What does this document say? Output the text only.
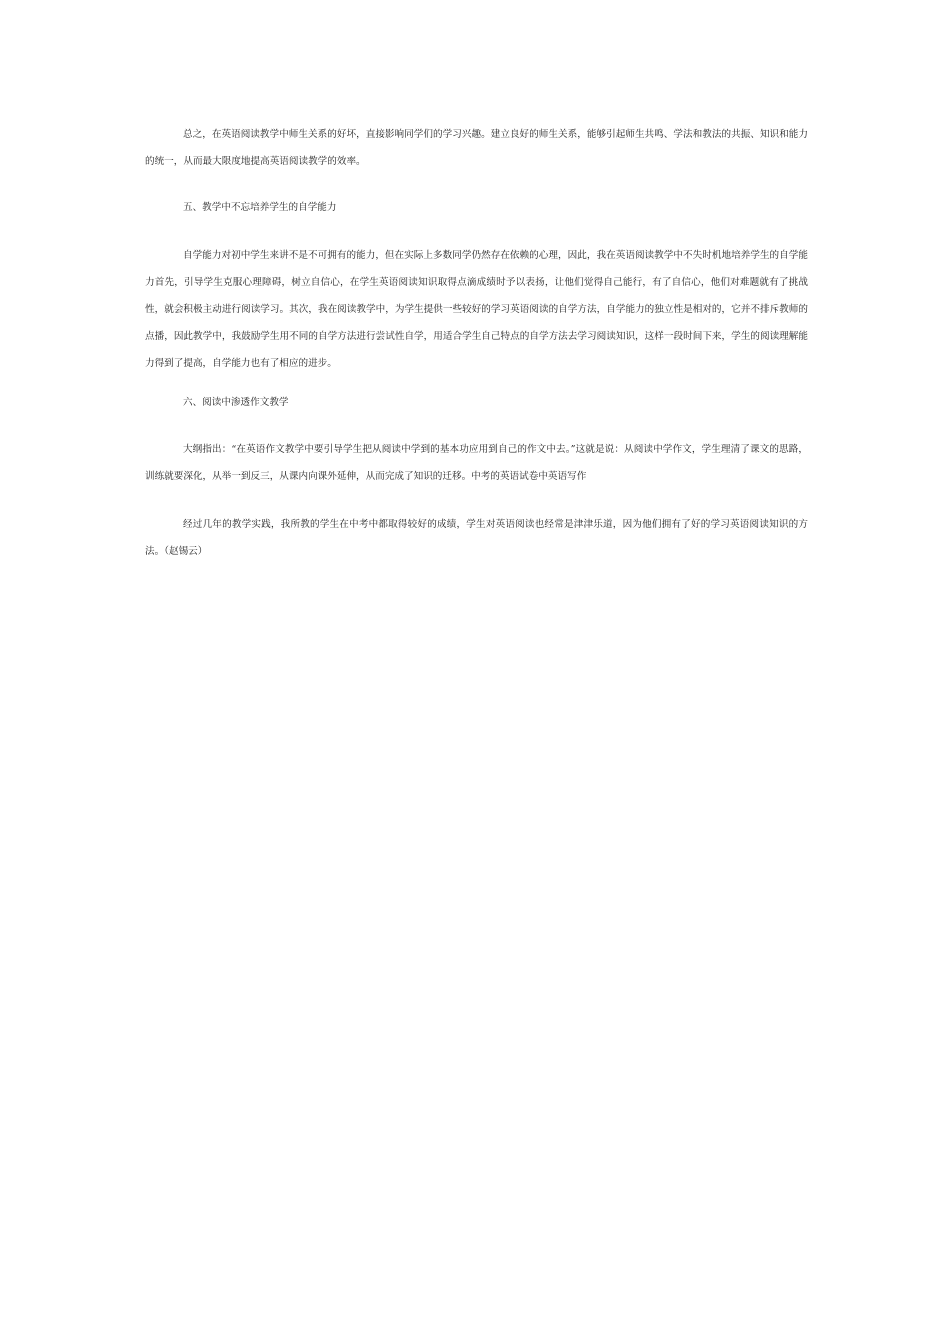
总之，在英语阅读教学中师生关系的好坏，直接影响同学们的学习兴趣。建立良好的师生关系，能够引起师生共鸣、学法和教法的共振、知识和能力的统一，从而最大限度地提高英语阅读教学的效率。

五、教学中不忘培养学生的自学能力

自学能力对初中学生来讲不是不可拥有的能力，但在实际上多数同学仍然存在依赖的心理，因此，我在英语阅读教学中不失时机地培养学生的自学能力首先，引导学生克服心理障碍，树立自信心，在学生英语阅读知识取得点滴成绩时予以表扬，让他们觉得自己能行，有了自信心，他们对难题就有了挑战性，就会积极主动进行阅读学习。其次，我在阅读教学中，为学生提供一些较好的学习英语阅读的自学方法，自学能力的独立性是相对的，它并不排斥教师的点播，因此教学中，我鼓励学生用不同的自学方法进行尝试性自学，用适合学生自己特点的自学方法去学习阅读知识，这样一段时间下来，学生的阅读理解能力得到了提高，自学能力也有了相应的进步。

六、阅读中渗透作文教学

大纲指出：“在英语作文教学中要引导学生把从阅读中学到的基本功应用到自己的作文中去。”这就是说：从阅读中学作文，学生理清了课文的思路，训练就要深化，从举一到反三，从课内向课外延伸，从而完成了知识的迁移。中考的英语试卷中英语写作

经过几年的教学实践，我所教的学生在中考中都取得较好的成绩，学生对英语阅读也经常是津津乐道，因为他们拥有了好的学习英语阅读知识的方法。（赵锡云）
